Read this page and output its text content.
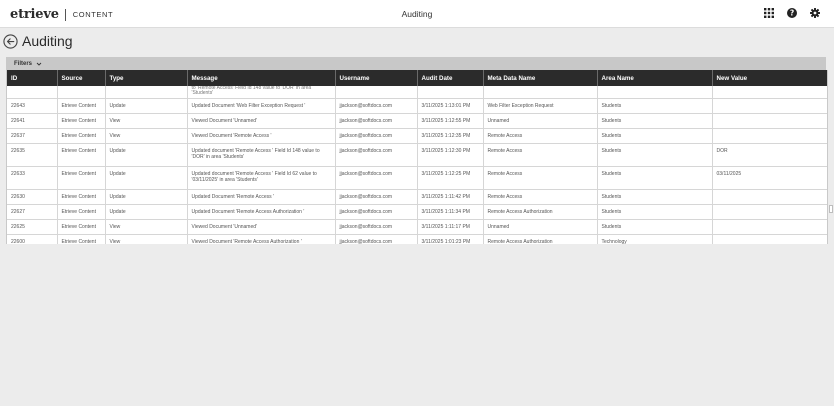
etrieve CONTENT	Auditing	?
Auditing
Filters
ID	Source	Type	Message	Username	Audit Date	Meta Data Name	Area Name	New Value
			to 'Remote Access' Field Id 148 value to 'DOR' in area 'Students'					
22643	Etrieve Content	Update	Updated Document 'Web Filter Exception Request '	jjackson@softdocs.com	3/11/2025 1:13:01 PM	Web Filter Exception Request	Students	
22641	Etrieve Content	View	Viewed Document 'Unnamed'	jjackson@softdocs.com	3/11/2025 1:12:55 PM	Unnamed	Students	
22637	Etrieve Content	View	Viewed Document 'Remote Access '	jjackson@softdocs.com	3/11/2025 1:12:35 PM	Remote Access	Students	
22635	Etrieve Content	Update	Updated document 'Remote Access ' Field Id 148 value to 'DOR' in area 'Students'	jjackson@softdocs.com	3/11/2025 1:12:30 PM	Remote Access	Students	DOR
22633	Etrieve Content	Update	Updated document 'Remote Access ' Field Id 62 value to '03/11/2025' in area 'Students'	jjackson@softdocs.com	3/11/2025 1:12:25 PM	Remote Access	Students	03/11/2025
22630	Etrieve Content	Update	Updated Document 'Remote Access '	jjackson@softdocs.com	3/11/2025 1:11:42 PM	Remote Access	Students	
22627	Etrieve Content	Update	Updated Document 'Remote Access Authorization '	jjackson@softdocs.com	3/11/2025 1:11:34 PM	Remote Access Authorization	Students	
22625	Etrieve Content	View	Viewed Document 'Unnamed'	jjackson@softdocs.com	3/11/2025 1:11:17 PM	Unnamed	Students	
22600	Etrieve Content	View	Viewed Document 'Remote Access Authorization '	jjackson@softdocs.com	3/11/2025 1:01:23 PM	Remote Access Authorization	Technology	
